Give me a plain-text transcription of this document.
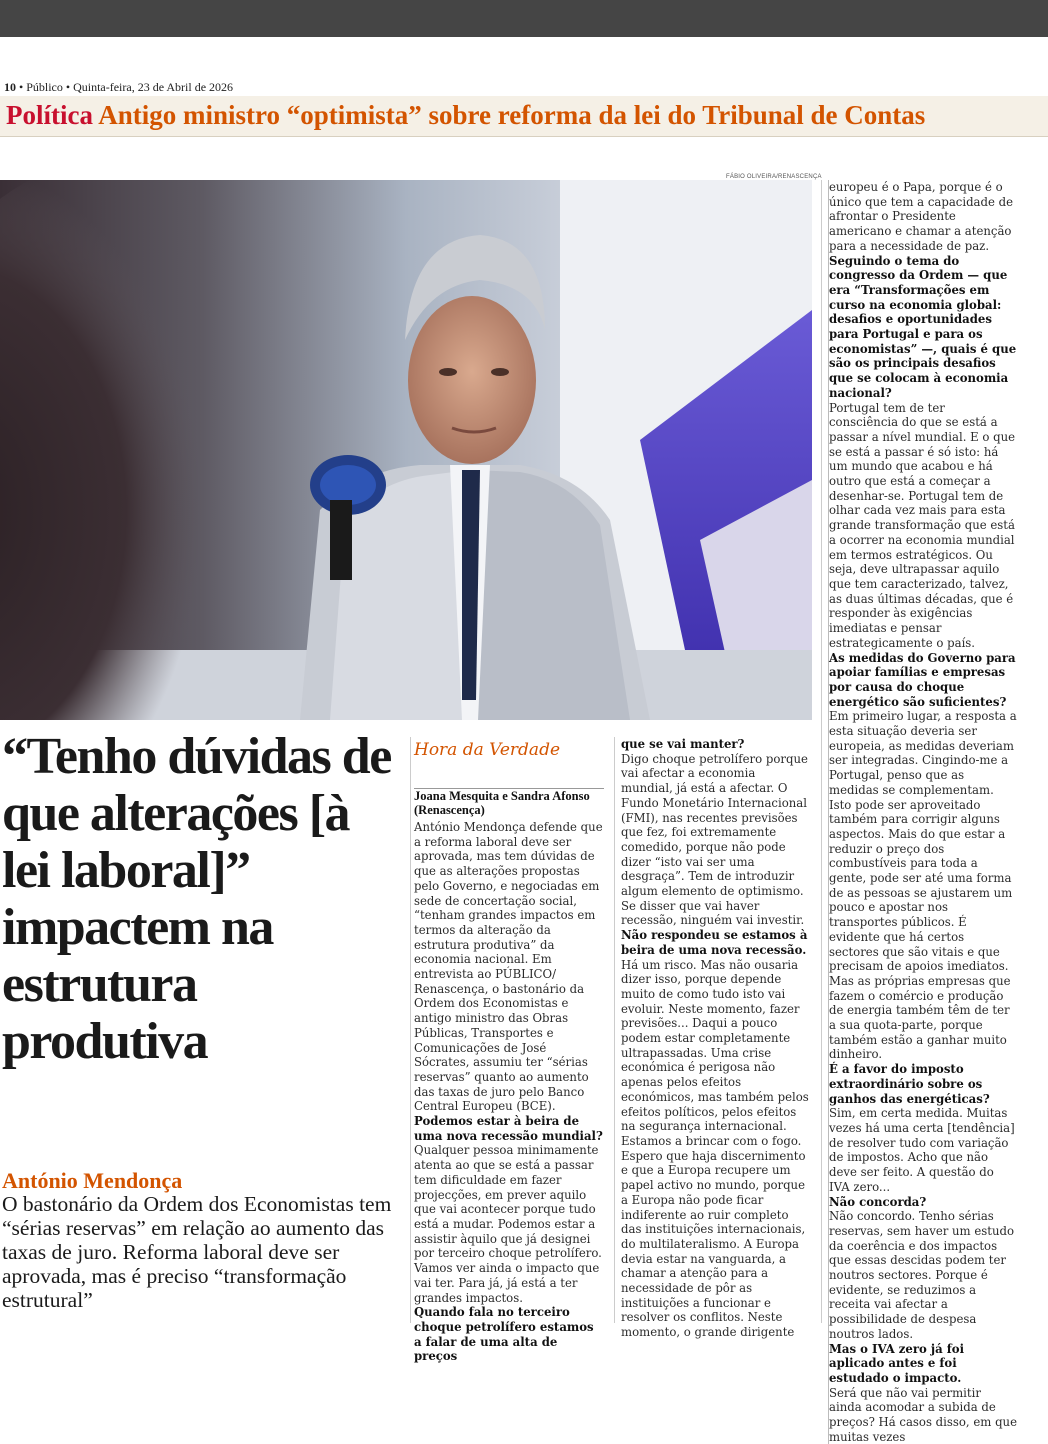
10 • Público • Quinta-feira, 23 de Abril de 2026
Política Antigo ministro “optimista” sobre reforma da lei do Tribunal de Contas
FÁBIO OLIVEIRA/RENASCENÇA
“Tenho dúvidas de que alterações [à lei laboral]” impactem na estrutura produtiva
António Mendonça
O bastonário da Ordem dos Economistas tem “sérias reservas” em relação ao aumento das taxas de juro. Reforma laboral deve ser aprovada, mas é preciso “transformação estrutural”
Hora da Verdade
Joana Mesquita e Sandra Afonso (Renascença)

António Mendonça defende que a reforma laboral deve ser aprovada, mas tem dúvidas de que as alterações propostas pelo Governo, e negociadas em sede de concertação social, “tenham grandes impactos em termos da alteração da estrutura produtiva” da economia nacional. Em entrevista ao PÚBLICO/ Renascença, o bastonário da Ordem dos Economistas e antigo ministro das Obras Públicas, Transportes e Comunicações de José Sócrates, assumiu ter “sérias reservas” quanto ao aumento das taxas de juro pelo Banco Central Europeu (BCE).

Podemos estar à beira de uma nova recessão mundial?

Qualquer pessoa minimamente atenta ao que se está a passar tem dificuldade em fazer projecções, em prever aquilo que vai acontecer porque tudo está a mudar. Podemos estar a assistir àquilo que já designei por terceiro choque petrolífero. Vamos ver ainda o impacto que vai ter. Para já, já está a ter grandes impactos.

Quando fala no terceiro choque petrolífero estamos a falar de uma alta de preços

que se vai manter?

Digo choque petrolífero porque vai afectar a economia mundial, já está a afectar. O Fundo Monetário Internacional (FMI), nas recentes previsões que fez, foi extremamente comedido, porque não pode dizer “isto vai ser uma desgraça”. Tem de introduzir algum elemento de optimismo. Se disser que vai haver recessão, ninguém vai investir.

Não respondeu se estamos à beira de uma nova recessão.

Há um risco. Mas não ousaria dizer isso, porque depende muito de como tudo isto vai evoluir. Neste momento, fazer previsões... Daqui a pouco podem estar completamente ultrapassadas. Uma crise económica é perigosa não apenas pelos efeitos económicos, mas também pelos efeitos políticos, pelos efeitos na segurança internacional. Estamos a brincar com o fogo. Espero que haja discernimento e que a Europa recupere um papel activo no mundo, porque a Europa não pode ficar indiferente ao ruir completo das instituições internacionais, do multilateralismo. A Europa devia estar na vanguarda, a chamar a atenção para a necessidade de pôr as instituições a funcionar e resolver os conflitos. Neste momento, o grande dirigente

europeu é o Papa, porque é o único que tem a capacidade de afrontar o Presidente americano e chamar a atenção para a necessidade de paz.

Seguindo o tema do congresso da Ordem — que era “Transformações em curso na economia global: desafios e oportunidades para Portugal e para os economistas” —, quais é que são os principais desafios que se colocam à economia nacional?

Portugal tem de ter consciência do que se está a passar a nível mundial. E o que se está a passar é só isto: há um mundo que acabou e há outro que está a começar a desenhar-se. Portugal tem de olhar cada vez mais para esta grande transformação que está a ocorrer na economia mundial em termos estratégicos. Ou seja, deve ultrapassar aquilo que tem caracterizado, talvez, as duas últimas décadas, que é responder às exigências imediatas e pensar estrategicamente o país.

As medidas do Governo para apoiar famílias e empresas por causa do choque energético são suficientes?

Em primeiro lugar, a resposta a esta situação deveria ser europeia, as medidas deveriam ser integradas. Cingindo-me a Portugal, penso que as medidas se complementam. Isto pode ser aproveitado também para corrigir alguns aspectos. Mais do que estar a reduzir o preço dos combustíveis para toda a gente, pode ser até uma forma de as pessoas se ajustarem um pouco e apostar nos transportes públicos. É evidente que há certos sectores que são vitais e que precisam de apoios imediatos. Mas as próprias empresas que fazem o comércio e produção de energia também têm de ter a sua quota-parte, porque também estão a ganhar muito dinheiro.

É a favor do imposto extraordinário sobre os ganhos das energéticas?

Sim, em certa medida. Muitas vezes há uma certa [tendência] de resolver tudo com variação de impostos. Acho que não deve ser feito. A questão do IVA zero...

Não concorda?

Não concordo. Tenho sérias reservas, sem haver um estudo da coerência e dos impactos que essas descidas podem ter noutros sectores. Porque é evidente, se reduzimos a receita vai afectar a possibilidade de despesa noutros lados.

Mas o IVA zero já foi aplicado antes e foi estudado o impacto.

Será que não vai permitir ainda acomodar a subida de preços? Há casos disso, em que muitas vezes
